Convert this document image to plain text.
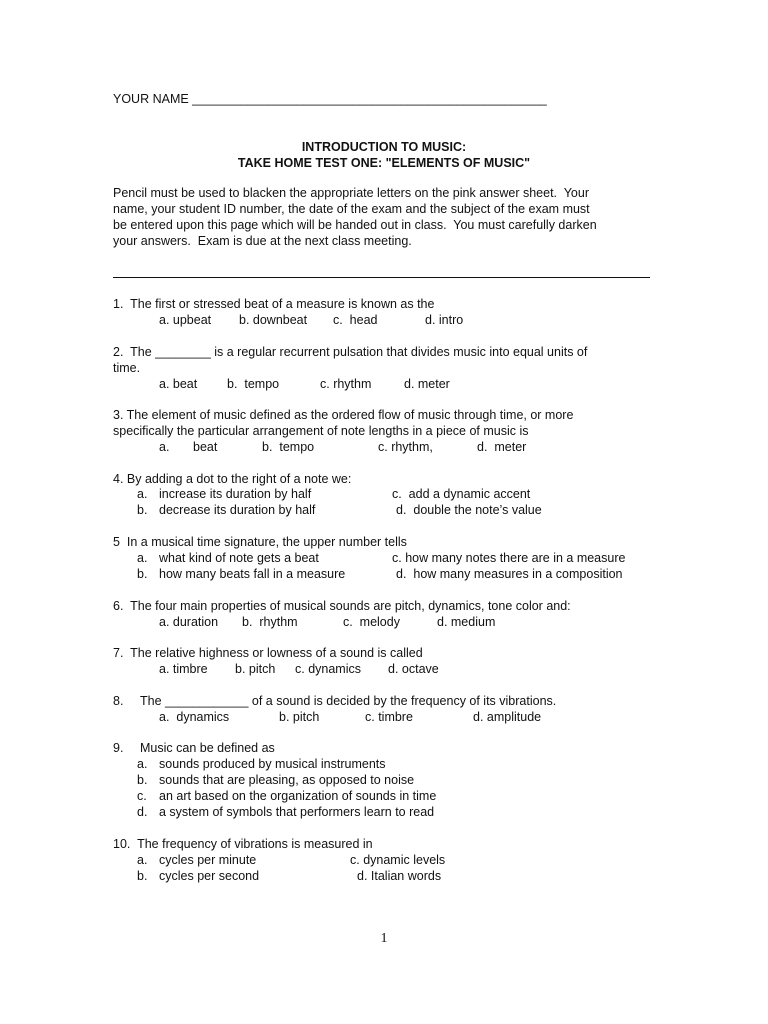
YOUR NAME ___________________________________________________
INTRODUCTION TO MUSIC:
TAKE HOME TEST ONE: "ELEMENTS OF MUSIC"
Pencil must be used to blacken the appropriate letters on the pink answer sheet.  Your
name, your student ID number, the date of the exam and the subject of the exam must
be entered upon this page which will be handed out in class.  You must carefully darken
your answers.  Exam is due at the next class meeting.
1.  The first or stressed beat of a measure is known as the
a. upbeat b. downbeat c.  head	d. intro
2.  The ________ is a regular recurrent pulsation that divides music into equal units of
time.
a. beat b.  tempo	c. rhythm	d. meter
3. The element of music defined as the ordered flow of music through time, or more
specifically the particular arrangement of note lengths in a piece of music is
a. beat	b.  tempo	c. rhythm,	d.  meter
4. By adding a dot to the right of a note we:
a. increase its duration by half	c.  add a dynamic accent
b. decrease its duration by half	d.  double the note’s value
5  In a musical time signature, the upper number tells
a. what kind of note gets a beat	c. how many notes there are in a measure
b. how many beats fall in a measure	d.  how many measures in a composition
6.  The four main properties of musical sounds are pitch, dynamics, tone color and:
a. duration b.  rhythm	c.  melody	d. medium
7.  The relative highness or lowness of a sound is called
a. timbre b. pitch c. dynamics d. octave
8. The ____________ of a sound is decided by the frequency of its vibrations.
a.  dynamics	b. pitch	c. timbre	d. amplitude
9. Music can be defined as
a. sounds produced by musical instruments
b. sounds that are pleasing, as opposed to noise
c. an art based on the organization of sounds in time
d. a system of symbols that performers learn to read
10.  The frequency of vibrations is measured in
a. cycles per minute	c. dynamic levels
b. cycles per second	d. Italian words
1
